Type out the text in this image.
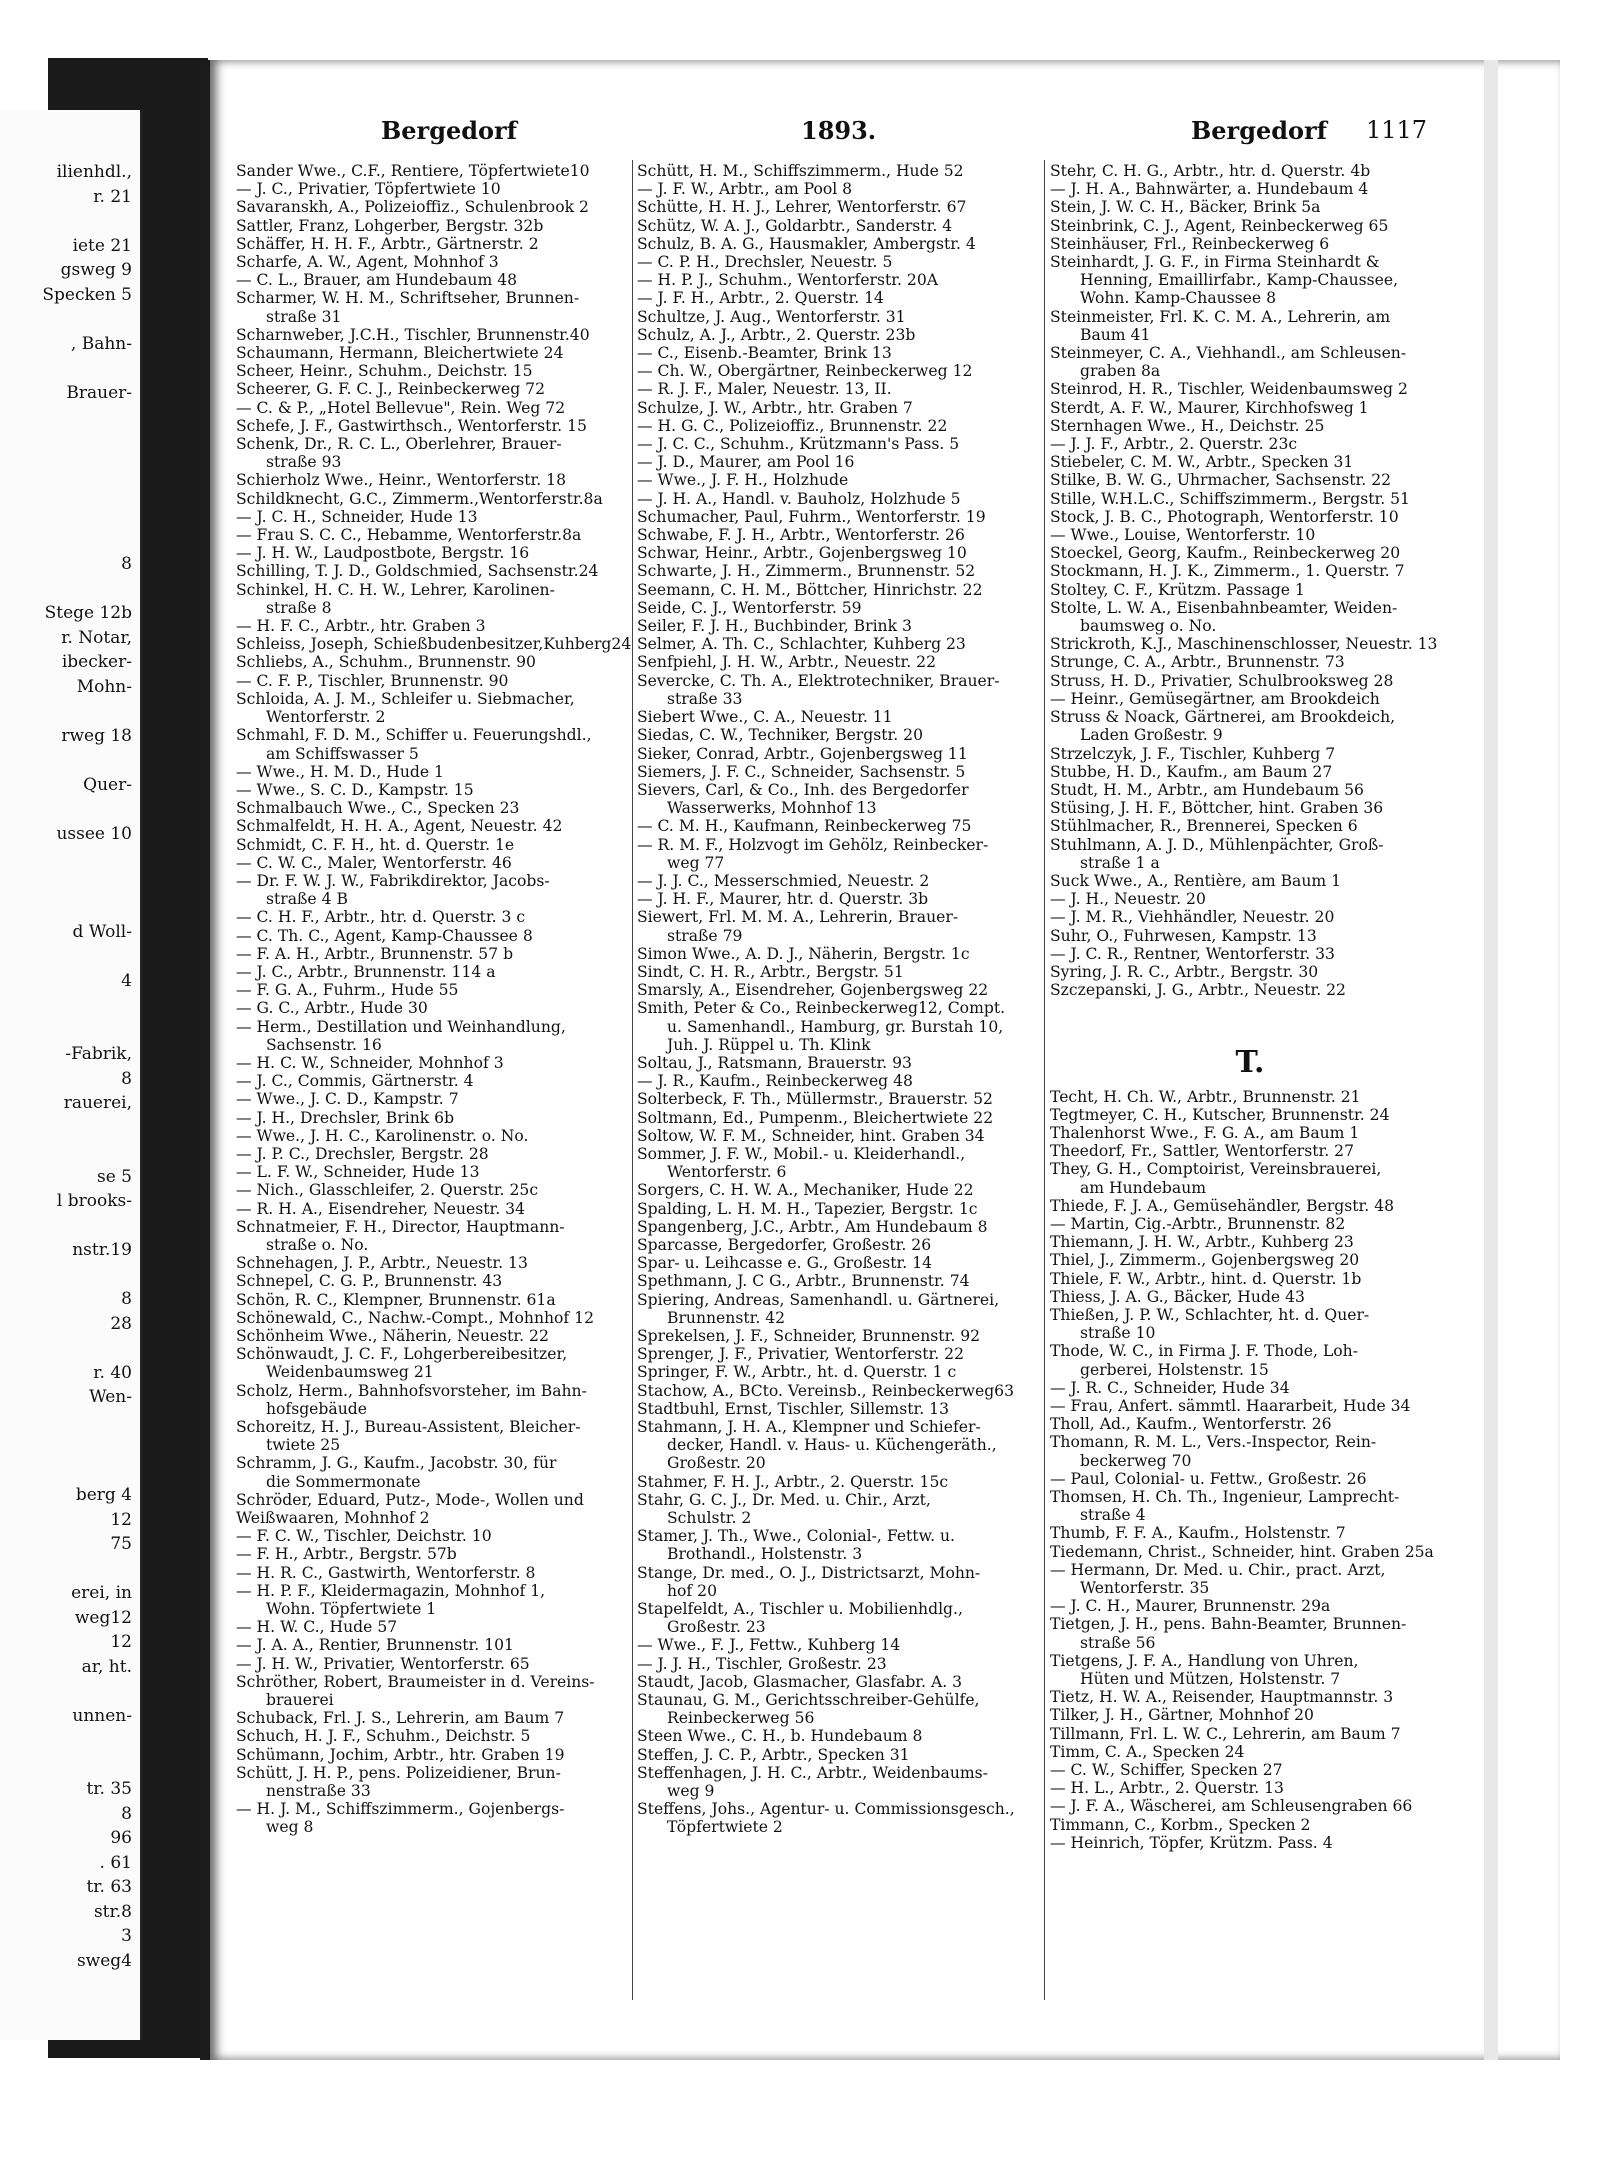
ilienhdl.,
r. 21
iete 21
gsweg 9
Specken 5
, Bahn-
Brauer-
8
Stege 12b
r. Notar,
ibecker-
Mohn-
rweg 18
Quer-
ussee 10
d Woll-
4
-Fabrik,
8
rauerei,
se 5
l brooks-
nstr.19
8
28
r. 40
Wen-
berg 4
12
75
erei, in
weg12
12
ar, ht.
unnen-
tr. 35
8
96
. 61
tr. 63
str.8
3
sweg4
Bergedorf	1893.	Bergedorf 1117
Sander Wwe., C.F., Rentiere, Töpfertwiete10
— J. C., Privatier, Töpfertwiete 10
Savaranskh, A., Polizeioffiz., Schulenbrook 2
Sattler, Franz, Lohgerber, Bergstr. 32b
Schäffer, H. H. F., Arbtr., Gärtnerstr. 2
Scharfe, A. W., Agent, Mohnhof 3
— C. L., Brauer, am Hundebaum 48
Scharmer, W. H. M., Schriftseher, Brunnen-
straße 31
Scharnweber, J.C.H., Tischler, Brunnenstr.40
Schaumann, Hermann, Bleichertwiete 24
Scheer, Heinr., Schuhm., Deichstr. 15
Scheerer, G. F. C. J., Reinbeckerweg 72
— C. & P., „Hotel Bellevue", Rein. Weg 72
Schefe, J. F., Gastwirthsch., Wentorferstr. 15
Schenk, Dr., R. C. L., Oberlehrer, Brauer-
straße 93
Schierholz Wwe., Heinr., Wentorferstr. 18
Schildknecht, G.C., Zimmerm.,Wentorferstr.8a
— J. C. H., Schneider, Hude 13
— Frau S. C. C., Hebamme, Wentorferstr.8a
— J. H. W., Laudpostbote, Bergstr. 16
Schilling, T. J. D., Goldschmied, Sachsenstr.24
Schinkel, H. C. H. W., Lehrer, Karolinen-
straße 8
— H. F. C., Arbtr., htr. Graben 3
Schleiss, Joseph, Schießbudenbesitzer,Kuhberg24
Schliebs, A., Schuhm., Brunnenstr. 90
— C. F. P., Tischler, Brunnenstr. 90
Schloida, A. J. M., Schleifer u. Siebmacher,
Wentorferstr. 2
Schmahl, F. D. M., Schiffer u. Feuerungshdl.,
am Schiffswasser 5
— Wwe., H. M. D., Hude 1
— Wwe., S. C. D., Kampstr. 15
Schmalbauch Wwe., C., Specken 23
Schmalfeldt, H. H. A., Agent, Neuestr. 42
Schmidt, C. F. H., ht. d. Querstr. 1e
— C. W. C., Maler, Wentorferstr. 46
— Dr. F. W. J. W., Fabrikdirektor, Jacobs-
straße 4 B
— C. H. F., Arbtr., htr. d. Querstr. 3 c
— C. Th. C., Agent, Kamp-Chaussee 8
— F. A. H., Arbtr., Brunnenstr. 57 b
— J. C., Arbtr., Brunnenstr. 114 a
— F. G. A., Fuhrm., Hude 55
— G. C., Arbtr., Hude 30
— Herm., Destillation und Weinhandlung,
Sachsenstr. 16
— H. C. W., Schneider, Mohnhof 3
— J. C., Commis, Gärtnerstr. 4
— Wwe., J. C. D., Kampstr. 7
— J. H., Drechsler, Brink 6b
— Wwe., J. H. C., Karolinenstr. o. No.
— J. P. C., Drechsler, Bergstr. 28
— L. F. W., Schneider, Hude 13
— Nich., Glasschleifer, 2. Querstr. 25c
— R. H. A., Eisendreher, Neuestr. 34
Schnatmeier, F. H., Director, Hauptmann-
straße o. No.
Schnehagen, J. P., Arbtr., Neuestr. 13
Schnepel, C. G. P., Brunnenstr. 43
Schön, R. C., Klempner, Brunnenstr. 61a
Schönewald, C., Nachw.-Compt., Mohnhof 12
Schönheim Wwe., Näherin, Neuestr. 22
Schönwaudt, J. C. F., Lohgerbereibesitzer,
Weidenbaumsweg 21
Scholz, Herm., Bahnhofsvorsteher, im Bahn-
hofsgebäude
Schoreitz, H. J., Bureau-Assistent, Bleicher-
twiete 25
Schramm, J. G., Kaufm., Jacobstr. 30, für
die Sommermonate
Schröder, Eduard, Putz-, Mode-, Wollen und
Weißwaaren, Mohnhof 2
— F. C. W., Tischler, Deichstr. 10
— F. H., Arbtr., Bergstr. 57b
— H. R. C., Gastwirth, Wentorferstr. 8
— H. P. F., Kleidermagazin, Mohnhof 1,
Wohn. Töpfertwiete 1
— H. W. C., Hude 57
— J. A. A., Rentier, Brunnenstr. 101
— J. H. W., Privatier, Wentorferstr. 65
Schröther, Robert, Braumeister in d. Vereins-
brauerei
Schuback, Frl. J. S., Lehrerin, am Baum 7
Schuch, H. J. F., Schuhm., Deichstr. 5
Schümann, Jochim, Arbtr., htr. Graben 19
Schütt, J. H. P., pens. Polizeidiener, Brun-
nenstraße 33
— H. J. M., Schiffszimmerm., Gojenbergs-
weg 8
Schütt, H. M., Schiffszimmerm., Hude 52
— J. F. W., Arbtr., am Pool 8
Schütte, H. H. J., Lehrer, Wentorferstr. 67
Schütz, W. A. J., Goldarbtr., Sanderstr. 4
Schulz, B. A. G., Hausmakler, Ambergstr. 4
— C. P. H., Drechsler, Neuestr. 5
— H. P. J., Schuhm., Wentorferstr. 20A
— J. F. H., Arbtr., 2. Querstr. 14
Schultze, J. Aug., Wentorferstr. 31
Schulz, A. J., Arbtr., 2. Querstr. 23b
— C., Eisenb.-Beamter, Brink 13
— Ch. W., Obergärtner, Reinbeckerweg 12
— R. J. F., Maler, Neuestr. 13, II.
Schulze, J. W., Arbtr., htr. Graben 7
— H. G. C., Polizeioffiz., Brunnenstr. 22
— J. C. C., Schuhm., Krützmann's Pass. 5
— J. D., Maurer, am Pool 16
— Wwe., J. F. H., Holzhude
— J. H. A., Handl. v. Bauholz, Holzhude 5
Schumacher, Paul, Fuhrm., Wentorferstr. 19
Schwabe, F. J. H., Arbtr., Wentorferstr. 26
Schwar, Heinr., Arbtr., Gojenbergsweg 10
Schwarte, J. H., Zimmerm., Brunnenstr. 52
Seemann, C. H. M., Böttcher, Hinrichstr. 22
Seide, C. J., Wentorferstr. 59
Seiler, F. J. H., Buchbinder, Brink 3
Selmer, A. Th. C., Schlachter, Kuhberg 23
Senfpiehl, J. H. W., Arbtr., Neuestr. 22
Severcke, C. Th. A., Elektrotechniker, Brauer-
straße 33
Siebert Wwe., C. A., Neuestr. 11
Siedas, C. W., Techniker, Bergstr. 20
Sieker, Conrad, Arbtr., Gojenbergsweg 11
Siemers, J. F. C., Schneider, Sachsenstr. 5
Sievers, Carl, & Co., Inh. des Bergedorfer
Wasserwerks, Mohnhof 13
— C. M. H., Kaufmann, Reinbeckerweg 75
— R. M. F., Holzvogt im Gehölz, Reinbecker-
weg 77
— J. J. C., Messerschmied, Neuestr. 2
— J. H. F., Maurer, htr. d. Querstr. 3b
Siewert, Frl. M. M. A., Lehrerin, Brauer-
straße 79
Simon Wwe., A. D. J., Näherin, Bergstr. 1c
Sindt, C. H. R., Arbtr., Bergstr. 51
Smarsly, A., Eisendreher, Gojenbergsweg 22
Smith, Peter & Co., Reinbeckerweg12, Compt.
u. Samenhandl., Hamburg, gr. Burstah 10,
Juh. J. Rüppel u. Th. Klink
Soltau, J., Ratsmann, Brauerstr. 93
— J. R., Kaufm., Reinbeckerweg 48
Solterbeck, F. Th., Müllermstr., Brauerstr. 52
Soltmann, Ed., Pumpenm., Bleichertwiete 22
Soltow, W. F. M., Schneider, hint. Graben 34
Sommer, J. F. W., Mobil.- u. Kleiderhandl.,
Wentorferstr. 6
Sorgers, C. H. W. A., Mechaniker, Hude 22
Spalding, L. H. M. H., Tapezier, Bergstr. 1c
Spangenberg, J.C., Arbtr., Am Hundebaum 8
Sparcasse, Bergedorfer, Großestr. 26
Spar- u. Leihcasse e. G., Großestr. 14
Spethmann, J. C G., Arbtr., Brunnenstr. 74
Spiering, Andreas, Samenhandl. u. Gärtnerei,
Brunnenstr. 42
Sprekelsen, J. F., Schneider, Brunnenstr. 92
Sprenger, J. F., Privatier, Wentorferstr. 22
Springer, F. W., Arbtr., ht. d. Querstr. 1 c
Stachow, A., BCto. Vereinsb., Reinbeckerweg63
Stadtbuhl, Ernst, Tischler, Sillemstr. 13
Stahmann, J. H. A., Klempner und Schiefer-
decker, Handl. v. Haus- u. Küchengeräth.,
Großestr. 20
Stahmer, F. H. J., Arbtr., 2. Querstr. 15c
Stahr, G. C. J., Dr. Med. u. Chir., Arzt,
Schulstr. 2
Stamer, J. Th., Wwe., Colonial-, Fettw. u.
Brothandl., Holstenstr. 3
Stange, Dr. med., O. J., Districtsarzt, Mohn-
hof 20
Stapelfeldt, A., Tischler u. Mobilienhdlg.,
Großestr. 23
— Wwe., F. J., Fettw., Kuhberg 14
— J. J. H., Tischler, Großestr. 23
Staudt, Jacob, Glasmacher, Glasfabr. A. 3
Staunau, G. M., Gerichtsschreiber-Gehülfe,
Reinbeckerweg 56
Steen Wwe., C. H., b. Hundebaum 8
Steffen, J. C. P., Arbtr., Specken 31
Steffenhagen, J. H. C., Arbtr., Weidenbaums-
weg 9
Steffens, Johs., Agentur- u. Commissionsgesch.,
Töpfertwiete 2
Stehr, C. H. G., Arbtr., htr. d. Querstr. 4b
— J. H. A., Bahnwärter, a. Hundebaum 4
Stein, J. W. C. H., Bäcker, Brink 5a
Steinbrink, C. J., Agent, Reinbeckerweg 65
Steinhäuser, Frl., Reinbeckerweg 6
Steinhardt, J. G. F., in Firma Steinhardt &
Henning, Emaillirfabr., Kamp-Chaussee,
Wohn. Kamp-Chaussee 8
Steinmeister, Frl. K. C. M. A., Lehrerin, am
Baum 41
Steinmeyer, C. A., Viehhandl., am Schleusen-
graben 8a
Steinrod, H. R., Tischler, Weidenbaumsweg 2
Sterdt, A. F. W., Maurer, Kirchhofsweg 1
Sternhagen Wwe., H., Deichstr. 25
— J. J. F., Arbtr., 2. Querstr. 23c
Stiebeler, C. M. W., Arbtr., Specken 31
Stilke, B. W. G., Uhrmacher, Sachsenstr. 22
Stille, W.H.L.C., Schiffszimmerm., Bergstr. 51
Stock, J. B. C., Photograph, Wentorferstr. 10
— Wwe., Louise, Wentorferstr. 10
Stoeckel, Georg, Kaufm., Reinbeckerweg 20
Stockmann, H. J. K., Zimmerm., 1. Querstr. 7
Stoltey, C. F., Krützm. Passage 1
Stolte, L. W. A., Eisenbahnbeamter, Weiden-
baumsweg o. No.
Strickroth, K.J., Maschinenschlosser, Neuestr. 13
Strunge, C. A., Arbtr., Brunnenstr. 73
Struss, H. D., Privatier, Schulbrooksweg 28
— Heinr., Gemüsegärtner, am Brookdeich
Struss & Noack, Gärtnerei, am Brookdeich,
Laden Großestr. 9
Strzelczyk, J. F., Tischler, Kuhberg 7
Stubbe, H. D., Kaufm., am Baum 27
Studt, H. M., Arbtr., am Hundebaum 56
Stüsing, J. H. F., Böttcher, hint. Graben 36
Stühlmacher, R., Brennerei, Specken 6
Stuhlmann, A. J. D., Mühlenpächter, Groß-
straße 1 a
Suck Wwe., A., Rentière, am Baum 1
— J. H., Neuestr. 20
— J. M. R., Viehhändler, Neuestr. 20
Suhr, O., Fuhrwesen, Kampstr. 13
— J. C. R., Rentner, Wentorferstr. 33
Syring, J. R. C., Arbtr., Bergstr. 30
Szczepanski, J. G., Arbtr., Neuestr. 22

T.
Techt, H. Ch. W., Arbtr., Brunnenstr. 21
Tegtmeyer, C. H., Kutscher, Brunnenstr. 24
Thalenhorst Wwe., F. G. A., am Baum 1
Theedorf, Fr., Sattler, Wentorferstr. 27
They, G. H., Comptoirist, Vereinsbrauerei,
am Hundebaum
Thiede, F. J. A., Gemüsehändler, Bergstr. 48
— Martin, Cig.-Arbtr., Brunnenstr. 82
Thiemann, J. H. W., Arbtr., Kuhberg 23
Thiel, J., Zimmerm., Gojenbergsweg 20
Thiele, F. W., Arbtr., hint. d. Querstr. 1b
Thiess, J. A. G., Bäcker, Hude 43
Thießen, J. P. W., Schlachter, ht. d. Quer-
straße 10
Thode, W. C., in Firma J. F. Thode, Loh-
gerberei, Holstenstr. 15
— J. R. C., Schneider, Hude 34
— Frau, Anfert. sämmtl. Haararbeit, Hude 34
Tholl, Ad., Kaufm., Wentorferstr. 26
Thomann, R. M. L., Vers.-Inspector, Rein-
beckerweg 70
— Paul, Colonial- u. Fettw., Großestr. 26
Thomsen, H. Ch. Th., Ingenieur, Lamprecht-
straße 4
Thumb, F. F. A., Kaufm., Holstenstr. 7
Tiedemann, Christ., Schneider, hint. Graben 25a
— Hermann, Dr. Med. u. Chir., pract. Arzt,
Wentorferstr. 35
— J. C. H., Maurer, Brunnenstr. 29a
Tietgen, J. H., pens. Bahn-Beamter, Brunnen-
straße 56
Tietgens, J. F. A., Handlung von Uhren,
Hüten und Mützen, Holstenstr. 7
Tietz, H. W. A., Reisender, Hauptmannstr. 3
Tilker, J. H., Gärtner, Mohnhof 20
Tillmann, Frl. L. W. C., Lehrerin, am Baum 7
Timm, C. A., Specken 24
— C. W., Schiffer, Specken 27
— H. L., Arbtr., 2. Querstr. 13
— J. F. A., Wäscherei, am Schleusengraben 66
Timmann, C., Korbm., Specken 2
— Heinrich, Töpfer, Krützm. Pass. 4
